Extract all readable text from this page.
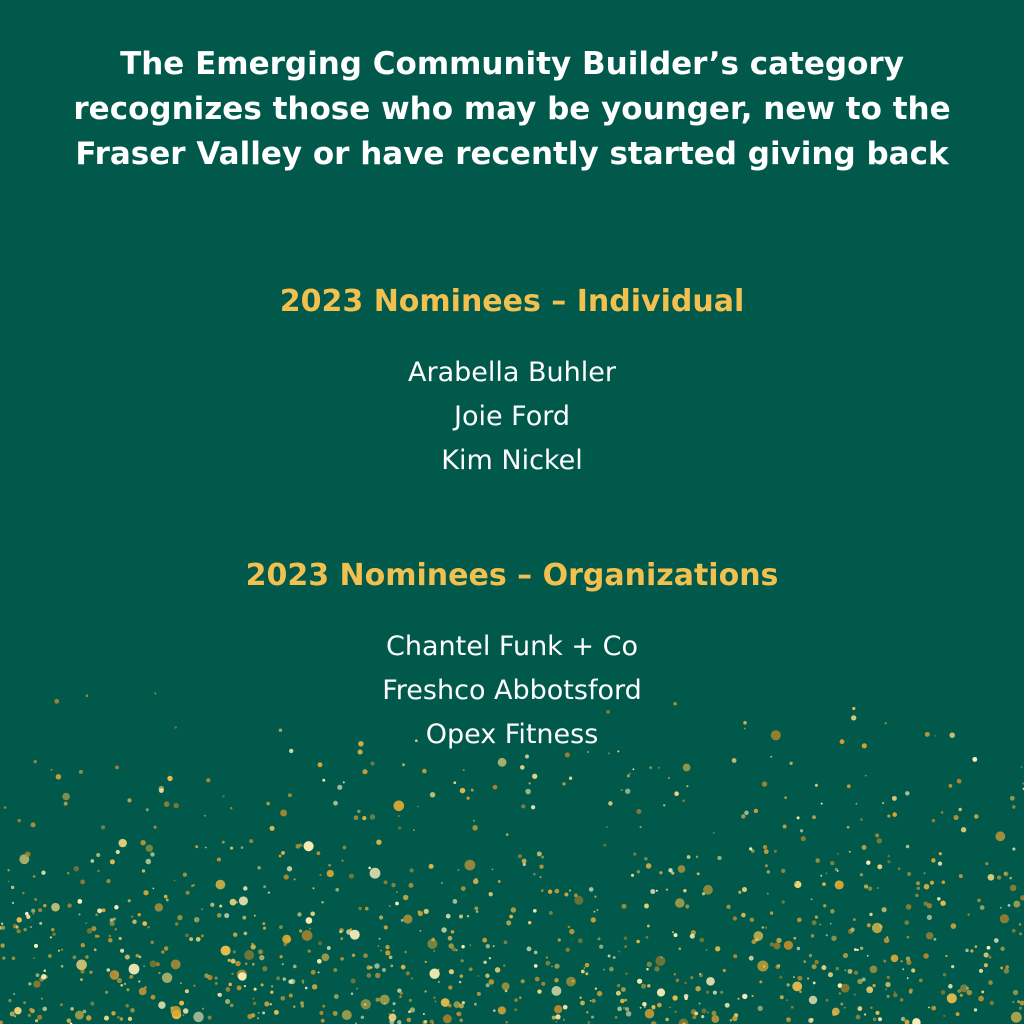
The Emerging Community Builder’s category recognizes those who may be younger, new to the Fraser Valley or have recently started giving back

2023 Nominees – Individual
Arabella Buhler
Joie Ford
Kim Nickel
2023 Nominees – Organizations
Chantel Funk + Co
Freshco Abbotsford
Opex Fitness
